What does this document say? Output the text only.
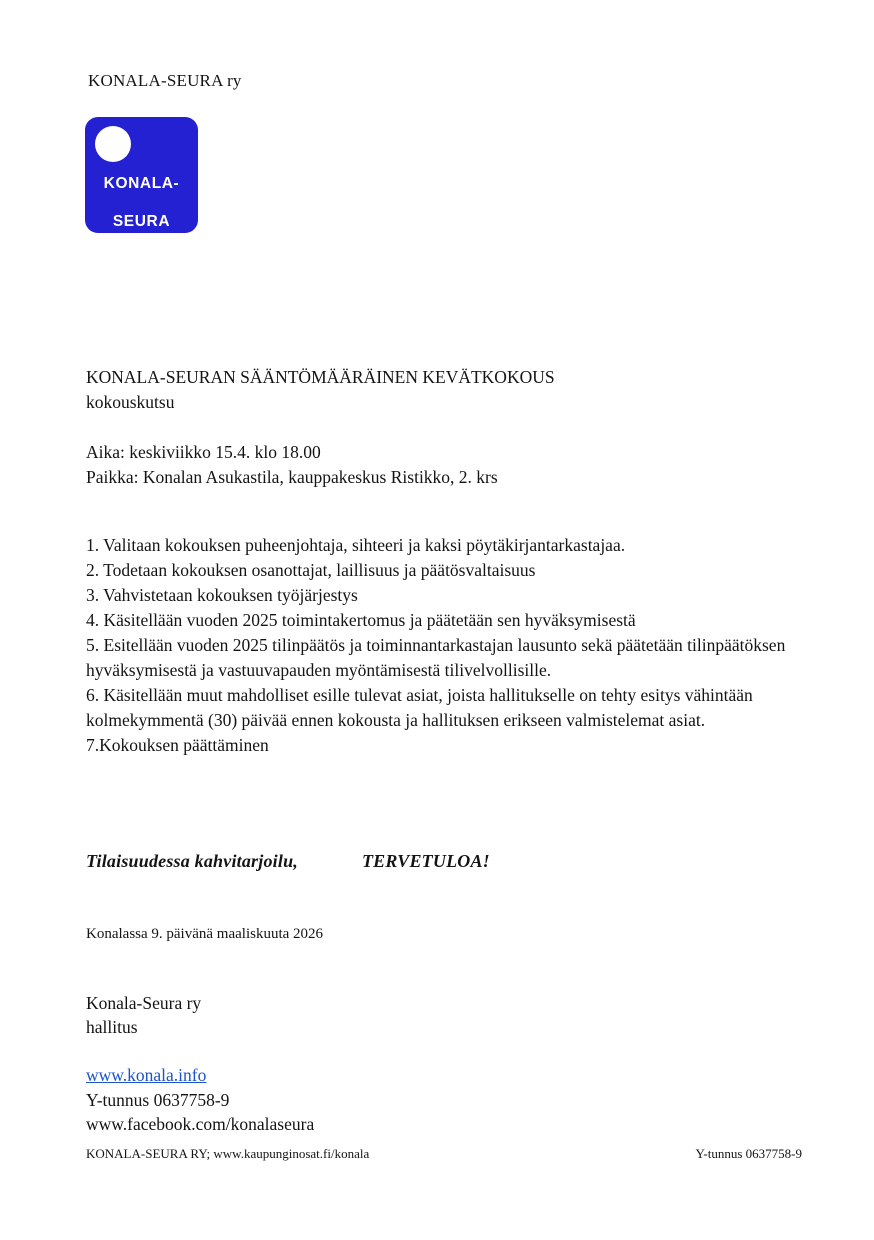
KONALA-SEURA ry
KONALA-

SEURA
KONALA-SEURAN SÄÄNTÖMÄÄRÄINEN KEVÄTKOKOUS
kokouskutsu
Aika: keskiviikko 15.4. klo 18.00
Paikka: Konalan Asukastila, kauppakeskus Ristikko, 2. krs
1. Valitaan kokouksen puheenjohtaja, sihteeri ja kaksi pöytäkirjantarkastajaa.
2. Todetaan kokouksen osanottajat, laillisuus ja päätösvaltaisuus
3. Vahvistetaan kokouksen työjärjestys
4. Käsitellään vuoden 2025 toimintakertomus ja päätetään sen hyväksymisestä
5. Esitellään vuoden 2025 tilinpäätös ja toiminnantarkastajan lausunto sekä päätetään tilinpäätöksen hyväksymisestä ja vastuuvapauden myöntämisestä tilivelvollisille.
6. Käsitellään muut mahdolliset esille tulevat asiat, joista hallitukselle on tehty esitys vähintään kolmekymmentä (30) päivää ennen kokousta ja hallituksen erikseen valmistelemat asiat.
7.Kokouksen päättäminen
Tilaisuudessa kahvitarjoilu,	TERVETULOA!
Konalassa 9. päivänä maaliskuuta 2026
Konala-Seura ry
hallitus
www.konala.info
Y-tunnus 0637758-9
www.facebook.com/konalaseura
KONALA-SEURA RY; www.kaupunginosat.fi/konala	Y-tunnus 0637758-9
